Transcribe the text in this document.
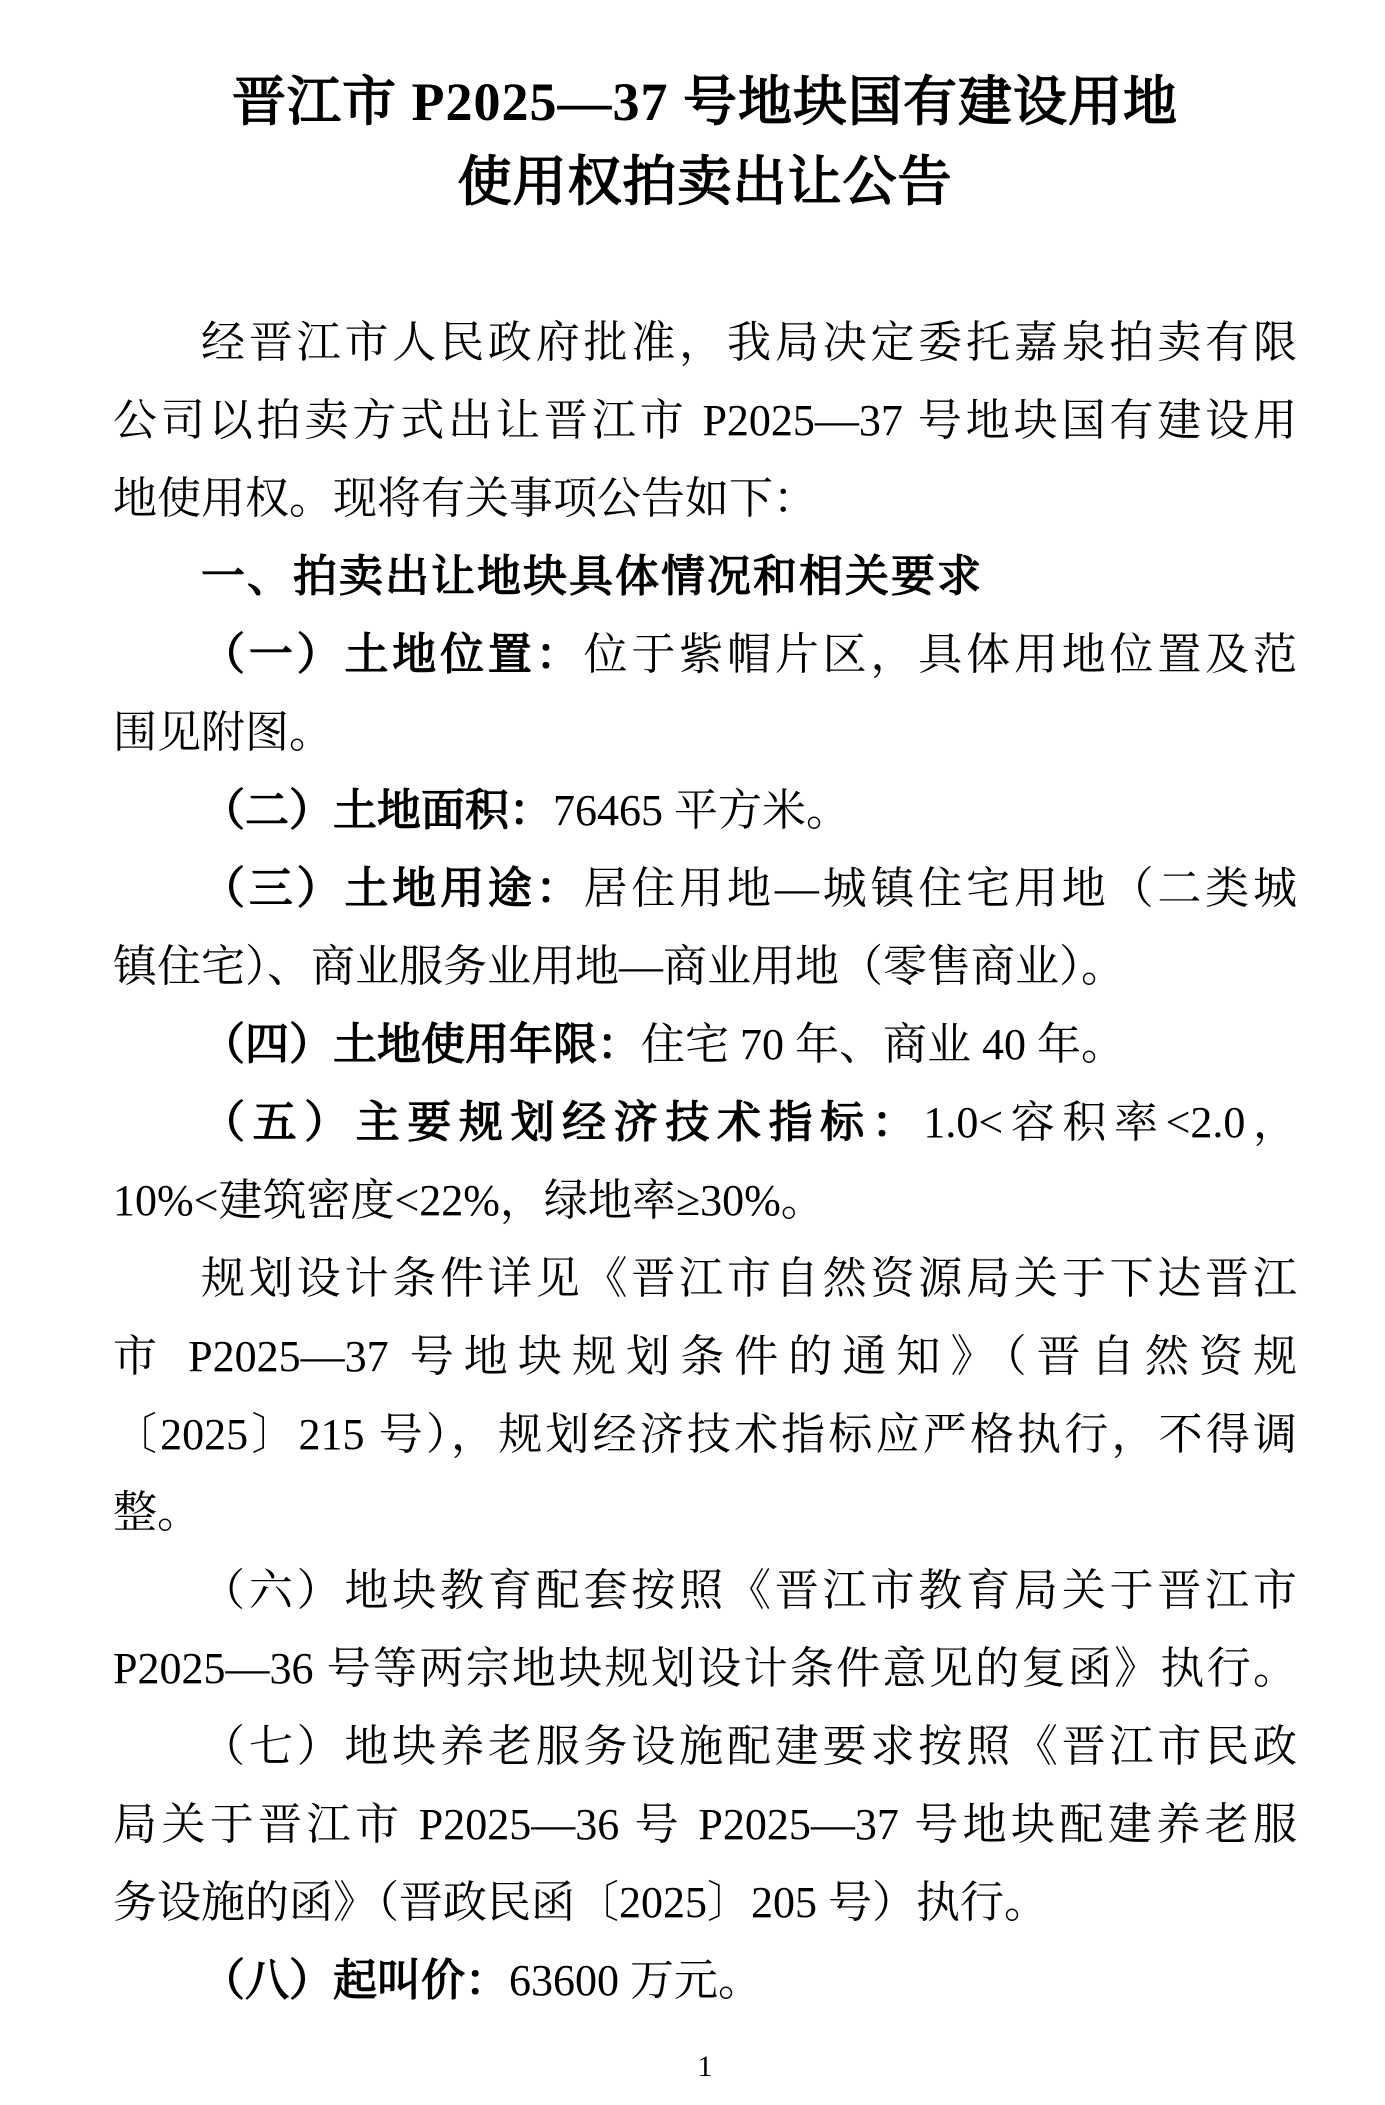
晋江市 P2025—37 号地块国有建设用地
使用权拍卖出让公告

经晋江市人民政府批准，我局决定委托嘉泉拍卖有限

公司以拍卖方式出让晋江市 P2025—37 号地块国有建设用

地使用权。现将有关事项公告如下：

一、拍卖出让地块具体情况和相关要求

（一）土地位置：位于紫帽片区，具体用地位置及范

围见附图。

（二）土地面积：76465 平方米。

（三）土地用途：居住用地—城镇住宅用地（二类城

镇住宅）、商业服务业用地—商业用地（零售商业）。

（四）土地使用年限：住宅 70 年、商业 40 年。

（五）主要规划经济技术指标：1.0<容积率<2.0，

10%<建筑密度<22%，绿地率≥30%。

规划设计条件详见《晋江市自然资源局关于下达晋江

市 P2025—37 号地块规划条件的通知》（晋自然资规

〔2025〕215 号），规划经济技术指标应严格执行，不得调

整。

（六）地块教育配套按照《晋江市教育局关于晋江市

P2025—36 号等两宗地块规划设计条件意见的复函》执行。

（七）地块养老服务设施配建要求按照《晋江市民政

局关于晋江市 P2025—36 号 P2025—37 号地块配建养老服

务设施的函》（晋政民函〔2025〕205 号）执行。

（八）起叫价：63600 万元。

1
